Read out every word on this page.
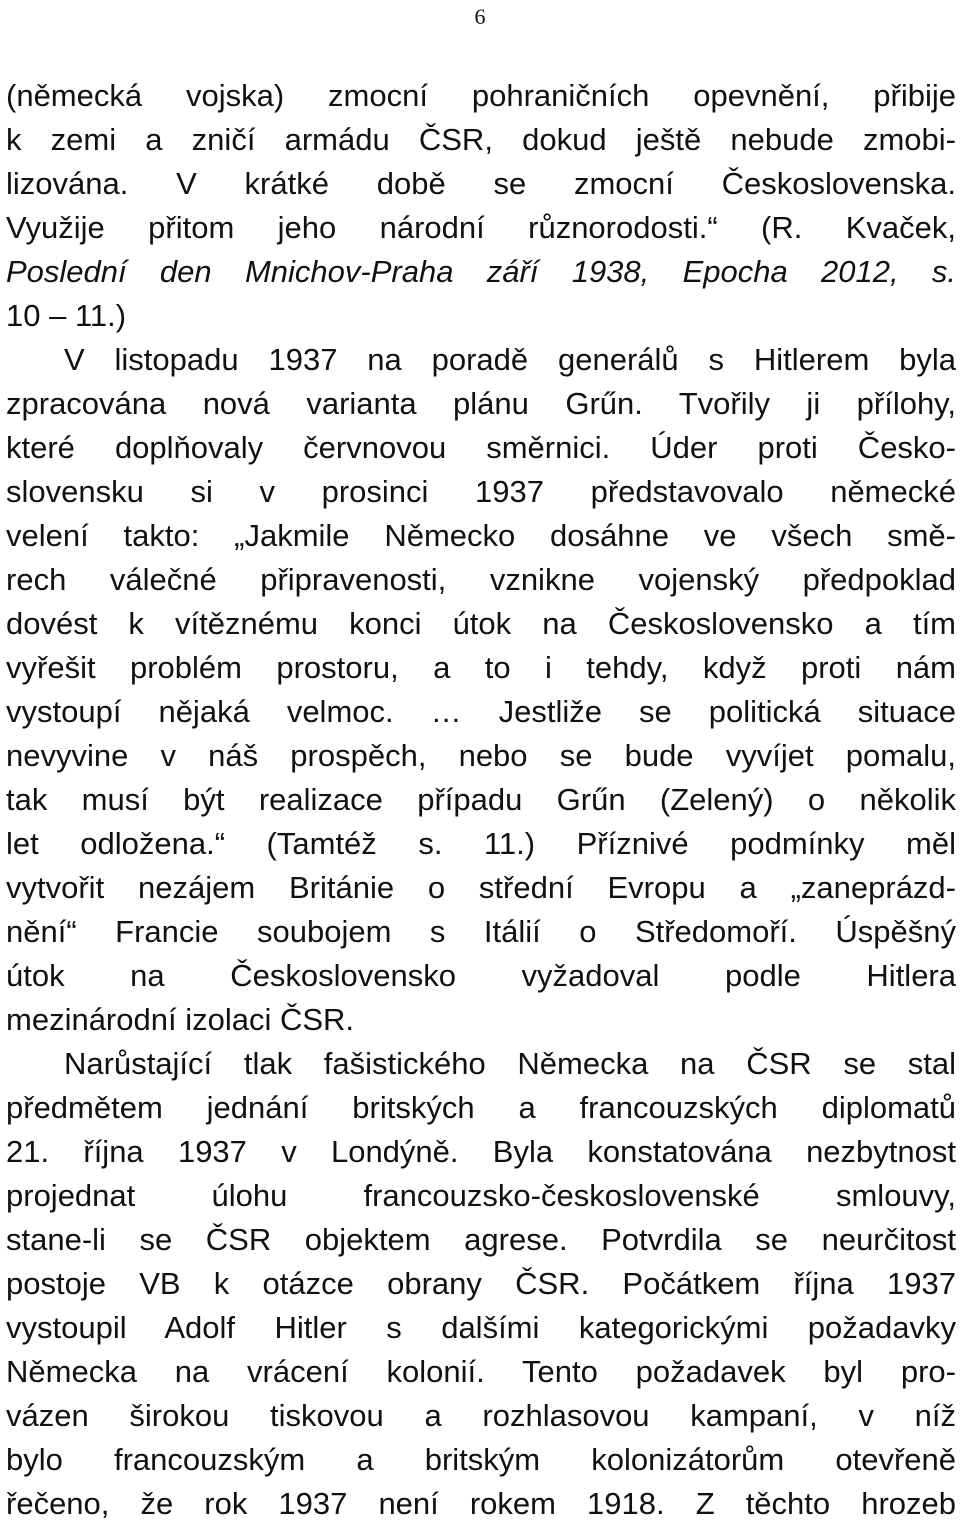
6
(německá vojska) zmocní pohraničních opevnění, přibije
k zemi a zničí armádu ČSR, dokud ještě nebude zmobi-
lizována. V krátké době se zmocní Československa.
Využije přitom jeho národní různorodosti.“ (R. Kvaček,
Poslední den Mnichov-Praha září 1938, Epocha 2012, s.
10 – 11.)
V listopadu 1937 na poradě generálů s Hitlerem byla
zpracována nová varianta plánu Grűn. Tvořily ji přílohy,
které doplňovaly červnovou směrnici. Úder proti Česko-
slovensku si v prosinci 1937 představovalo německé
velení takto: „Jakmile Německo dosáhne ve všech smě-
rech válečné připravenosti, vznikne vojenský předpoklad
dovést k vítěznému konci útok na Československo a tím
vyřešit problém prostoru, a to i tehdy, když proti nám
vystoupí nějaká velmoc. … Jestliže se politická situace
nevyvine v náš prospěch, nebo se bude vyvíjet pomalu,
tak musí být realizace případu Grűn (Zelený) o několik
let odložena.“ (Tamtéž s. 11.) Příznivé podmínky měl
vytvořit nezájem Británie o střední Evropu a „zaneprázd-
nění“ Francie soubojem s Itálií o Středomoří. Úspěšný
útok na Československo vyžadoval podle Hitlera
mezinárodní izolaci ČSR.
Narůstající tlak fašistického Německa na ČSR se stal
předmětem jednání britských a francouzských diplomatů
21. října 1937 v Londýně. Byla konstatována nezbytnost
projednat úlohu francouzsko-československé smlouvy,
stane-li se ČSR objektem agrese. Potvrdila se neurčitost
postoje VB k otázce obrany ČSR. Počátkem října 1937
vystoupil Adolf Hitler s dalšími kategorickými požadavky
Německa na vrácení kolonií. Tento požadavek byl pro-
vázen širokou tiskovou a rozhlasovou kampaní, v níž
bylo francouzským a britským kolonizátorům otevřeně
řečeno, že rok 1937 není rokem 1918. Z těchto hrozeb
